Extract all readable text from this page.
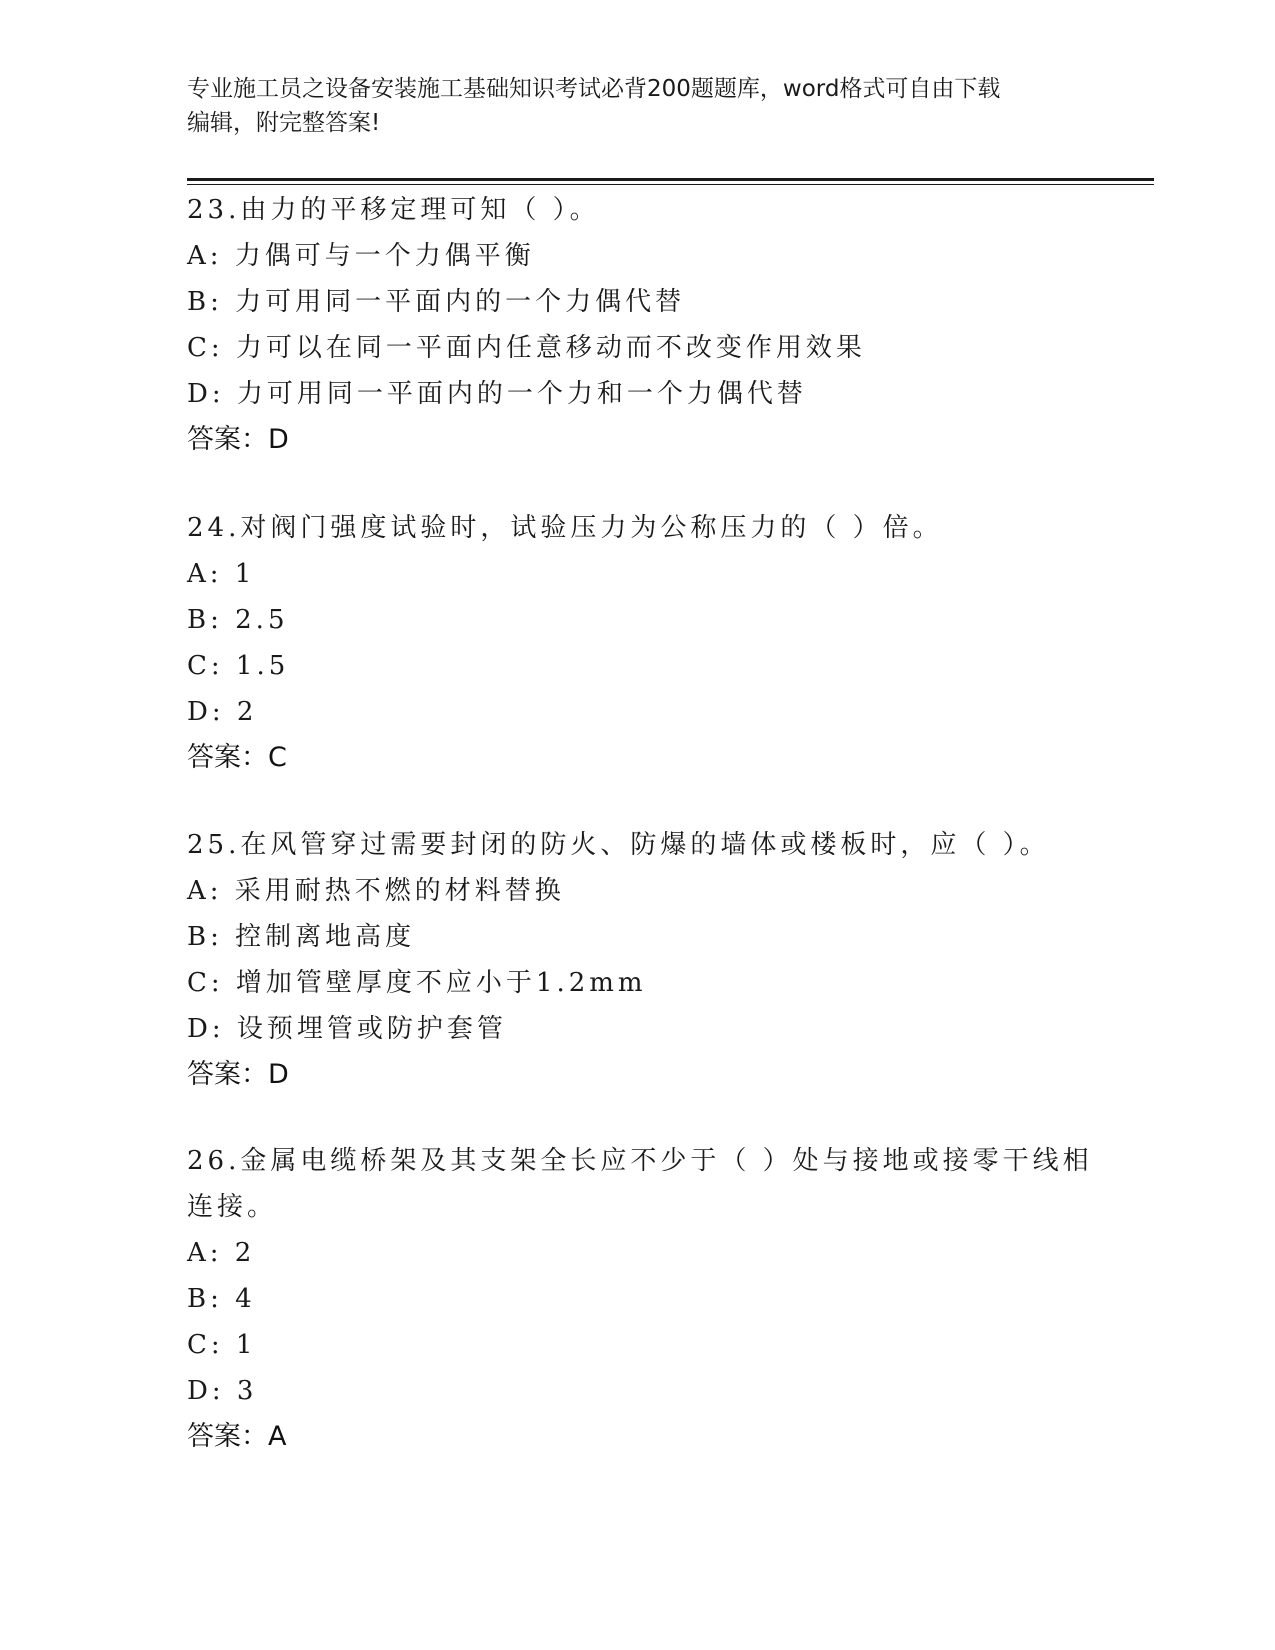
专业施工员之设备安装施工基础知识考试必背200题题库，word格式可自由下载
编辑，附完整答案!
23.由力的平移定理可知（ ）。
A: 力偶可与一个力偶平衡
B: 力可用同一平面内的一个力偶代替
C: 力可以在同一平面内任意移动而不改变作用效果
D: 力可用同一平面内的一个力和一个力偶代替
答案：D
24.对阀门强度试验时，试验压力为公称压力的（ ）倍。
A: 1
B: 2.5
C: 1.5
D: 2
答案：C
25.在风管穿过需要封闭的防火、防爆的墙体或楼板时，应（ ）。
A: 采用耐热不燃的材料替换
B: 控制离地高度
C: 增加管壁厚度不应小于1.2mm
D: 设预埋管或防护套管
答案：D
26.金属电缆桥架及其支架全长应不少于（ ）处与接地或接零干线相
连接。
A: 2
B: 4
C: 1
D: 3
答案：A
